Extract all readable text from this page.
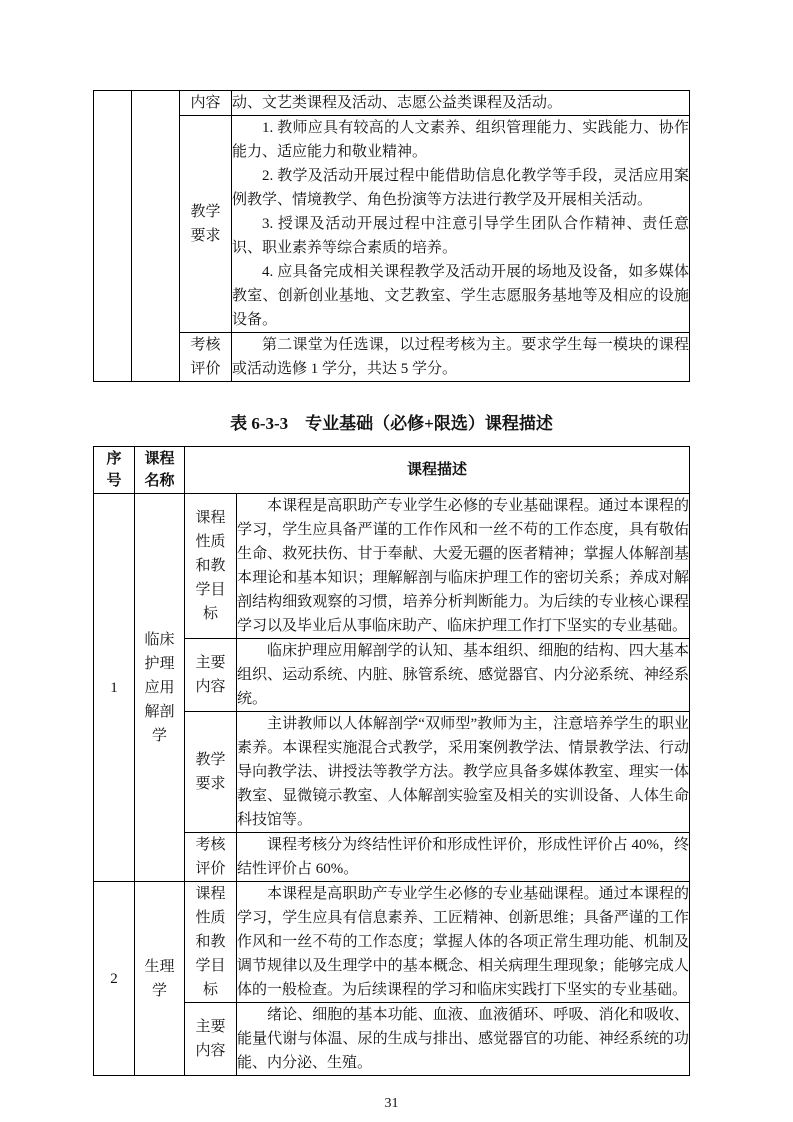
		内容	动、文艺类课程及活动、志愿公益类课程及活动。

		教学要求	1. 教师应具有较高的人文素养、组织管理能力、实践能力、协作能力、适应能力和敬业精神。

2. 教学及活动开展过程中能借助信息化教学等手段，灵活应用案例教学、情境教学、角色扮演等方法进行教学及开展相关活动。

3. 授课及活动开展过程中注意引导学生团队合作精神、责任意识、职业素养等综合素质的培养。

4. 应具备完成相关课程教学及活动开展的场地及设备，如多媒体教室、创新创业基地、文艺教室、学生志愿服务基地等及相应的设施设备。

		考核评价	第二课堂为任选课，以过程考核为主。要求学生每一模块的课程或活动选修 1 学分，共达 5 学分。

表 6-3-3　专业基础（必修+限选）课程描述
序号	课程名称	课程描述	
1	临床护理应用解剖学	课程性质和教学目标	本课程是高职助产专业学生必修的专业基础课程。通过本课程的学习，学生应具备严谨的工作作风和一丝不苟的工作态度，具有敬佑生命、救死扶伤、甘于奉献、大爱无疆的医者精神；掌握人体解剖基本理论和基本知识；理解解剖与临床护理工作的密切关系；养成对解剖结构细致观察的习惯，培养分析判断能力。为后续的专业核心课程学习以及毕业后从事临床助产、临床护理工作打下坚实的专业基础。

		主要内容	临床护理应用解剖学的认知、基本组织、细胞的结构、四大基本组织、运动系统、内脏、脉管系统、感觉器官、内分泌系统、神经系统。

		教学要求	主讲教师以人体解剖学“双师型”教师为主，注意培养学生的职业素养。本课程实施混合式教学，采用案例教学法、情景教学法、行动导向教学法、讲授法等教学方法。教学应具备多媒体教室、理实一体教室、显微镜示教室、人体解剖实验室及相关的实训设备、人体生命科技馆等。

		考核评价	课程考核分为终结性评价和形成性评价，形成性评价占 40%，终结性评价占 60%。

2	生理学	课程性质和教学目标	本课程是高职助产专业学生必修的专业基础课程。通过本课程的学习，学生应具有信息素养、工匠精神、创新思维；具备严谨的工作作风和一丝不苟的工作态度；掌握人体的各项正常生理功能、机制及调节规律以及生理学中的基本概念、相关病理生理现象；能够完成人体的一般检查。为后续课程的学习和临床实践打下坚实的专业基础。

		主要内容	绪论、细胞的基本功能、血液、血液循环、呼吸、消化和吸收、能量代谢与体温、尿的生成与排出、感觉器官的功能、神经系统的功能、内分泌、生殖。

31
